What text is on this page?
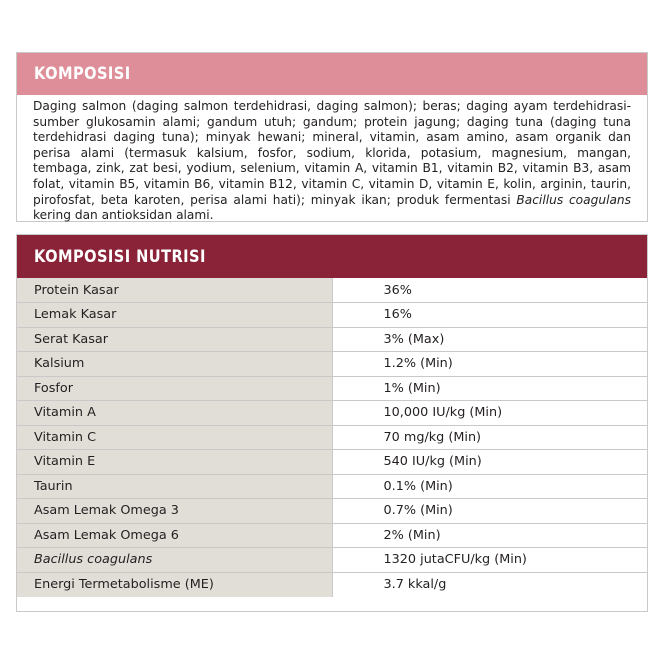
KOMPOSISI
Daging salmon (daging salmon terdehidrasi, daging salmon); beras; daging ayam terdehidrasi-sumber glukosamin alami; gandum utuh; gandum; protein jagung; daging tuna (daging tuna terdehidrasi daging tuna); minyak hewani; mineral, vitamin, asam amino, asam organik dan perisa alami (termasuk kalsium, fosfor, sodium, klorida, potasium, magnesium, mangan, tembaga, zink, zat besi, yodium, selenium, vitamin A, vitamin B1, vitamin B2, vitamin B3, asam folat, vitamin B5, vitamin B6, vitamin B12, vitamin C, vitamin D, vitamin E, kolin, arginin, taurin, pirofosfat, beta karoten, perisa alami hati); minyak ikan; produk fermentasi Bacillus coagulans kering dan antioksidan alami.
KOMPOSISI NUTRISI
Protein Kasar	36%
Lemak Kasar	16%
Serat Kasar	3% (Max)
Kalsium	1.2% (Min)
Fosfor	1% (Min)
Vitamin A	10,000 IU/kg (Min)
Vitamin C	70 mg/kg (Min)
Vitamin E	540 IU/kg (Min)
Taurin	0.1% (Min)
Asam Lemak Omega 3	0.7% (Min)
Asam Lemak Omega 6	2% (Min)
Bacillus coagulans	1320 jutaCFU/kg (Min)
Energi Termetabolisme (ME)	3.7 kkal/g
